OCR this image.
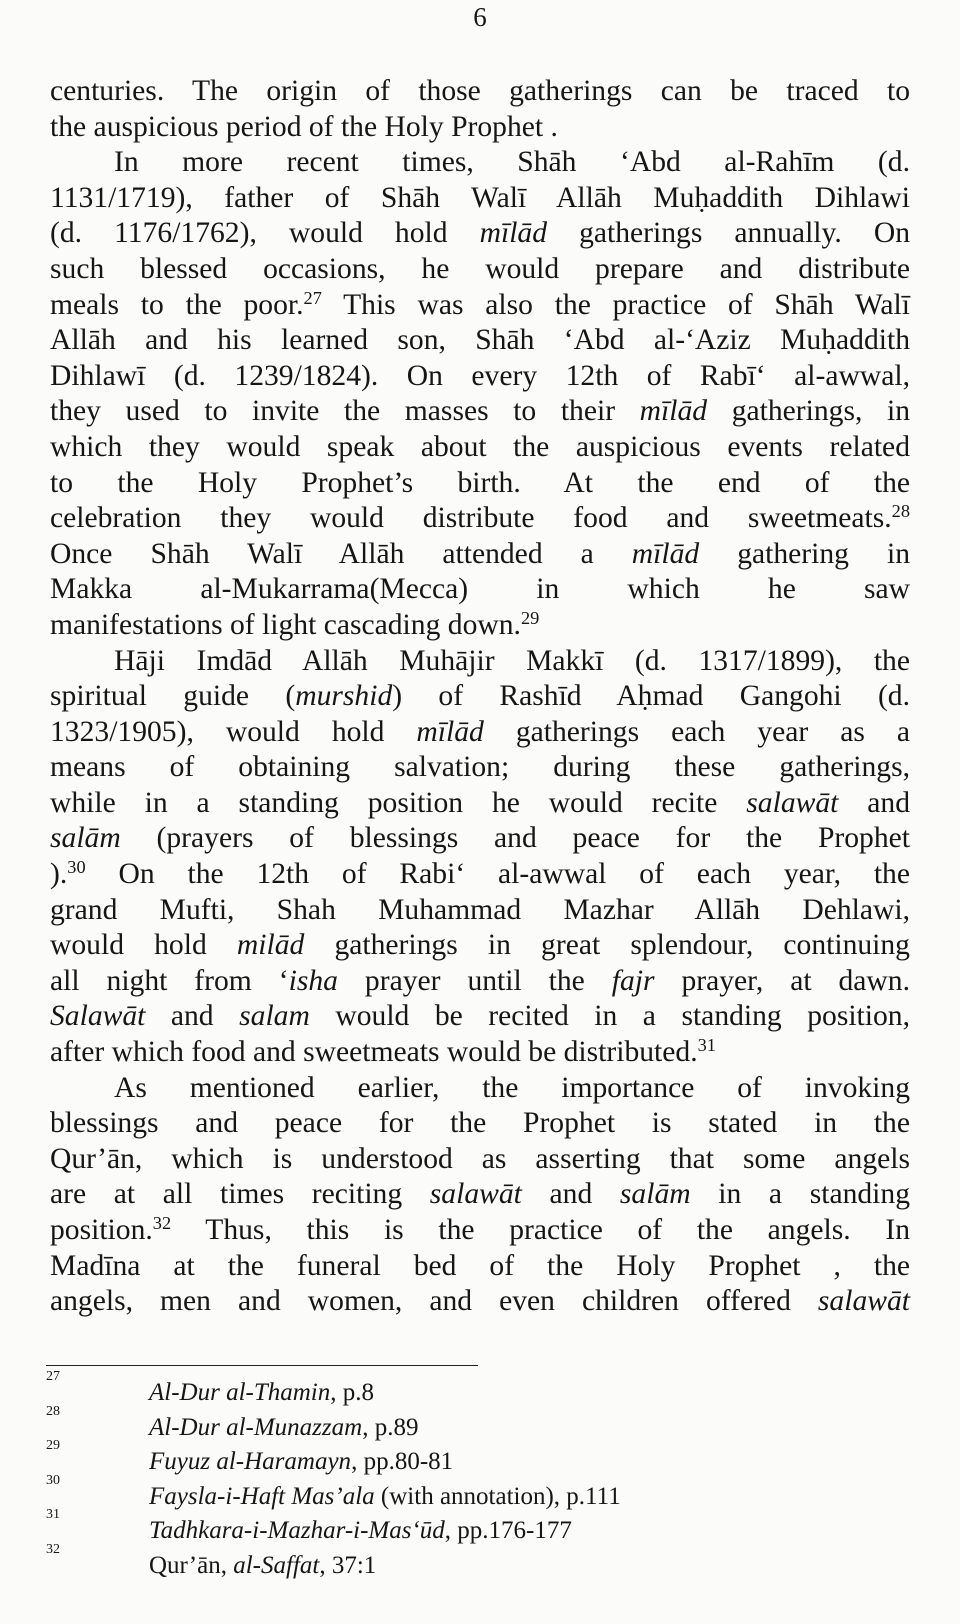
6
centuries. The origin of those gatherings can be traced to
the auspicious period of the Holy Prophet .
In more recent times, Shāh ‘Abd al-Rahīm (d.
1131/1719), father of Shāh Walī Allāh Muḥaddith Dihlawi
(d. 1176/1762), would hold mīlād gatherings annually. On
such blessed occasions, he would prepare and distribute
meals to the poor.$^{27}$ This was also the practice of Shāh Walī
Allāh and his learned son, Shāh ‘Abd al-‘Aziz Muḥaddith
Dihlawī (d. 1239/1824). On every 12th of Rabī‘ al-awwal,
they used to invite the masses to their mīlād gatherings, in
which they would speak about the auspicious events related
to the Holy Prophet’s birth. At the end of the
celebration they would distribute food and sweetmeats.$^{28}$
Once Shāh Walī Allāh attended a mīlād gathering in
Makka al-Mukarrama(Mecca) in which he saw
manifestations of light cascading down.$^{29}$
Hāji Imdād Allāh Muhājir Makkī (d. 1317/1899), the
spiritual guide (murshid) of Rashīd Aḥmad Gangohi (d.
1323/1905), would hold mīlād gatherings each year as a
means of obtaining salvation; during these gatherings,
while in a standing position he would recite salawāt and
salām (prayers of blessings and peace for the Prophet
).$^{30}$ On the 12th of Rabi‘ al-awwal of each year, the
grand Mufti, Shah Muhammad Mazhar Allāh Dehlawi,
would hold milād gatherings in great splendour, continuing
all night from ‘isha prayer until the fajr prayer, at dawn.
Salawāt and salam would be recited in a standing position,
after which food and sweetmeats would be distributed.$^{31}$
As mentioned earlier, the importance of invoking
blessings and peace for the Prophet is stated in the
Qur’ān, which is understood as asserting that some angels
are at all times reciting salawāt and salām in a standing
position.$^{32}$ Thus, this is the practice of the angels. In
Madīna at the funeral bed of the Holy Prophet , the
angels, men and women, and even children offered salawāt
27
Al-Dur al-Thamin, p.8
28
Al-Dur al-Munazzam, p.89
29
Fuyuz al-Haramayn, pp.80-81
30
Faysla-i-Haft Mas’ala (with annotation), p.111
31
Tadhkara-i-Mazhar-i-Mas‘ūd, pp.176-177
32
Qur’ān, al-Saffat, 37:1
